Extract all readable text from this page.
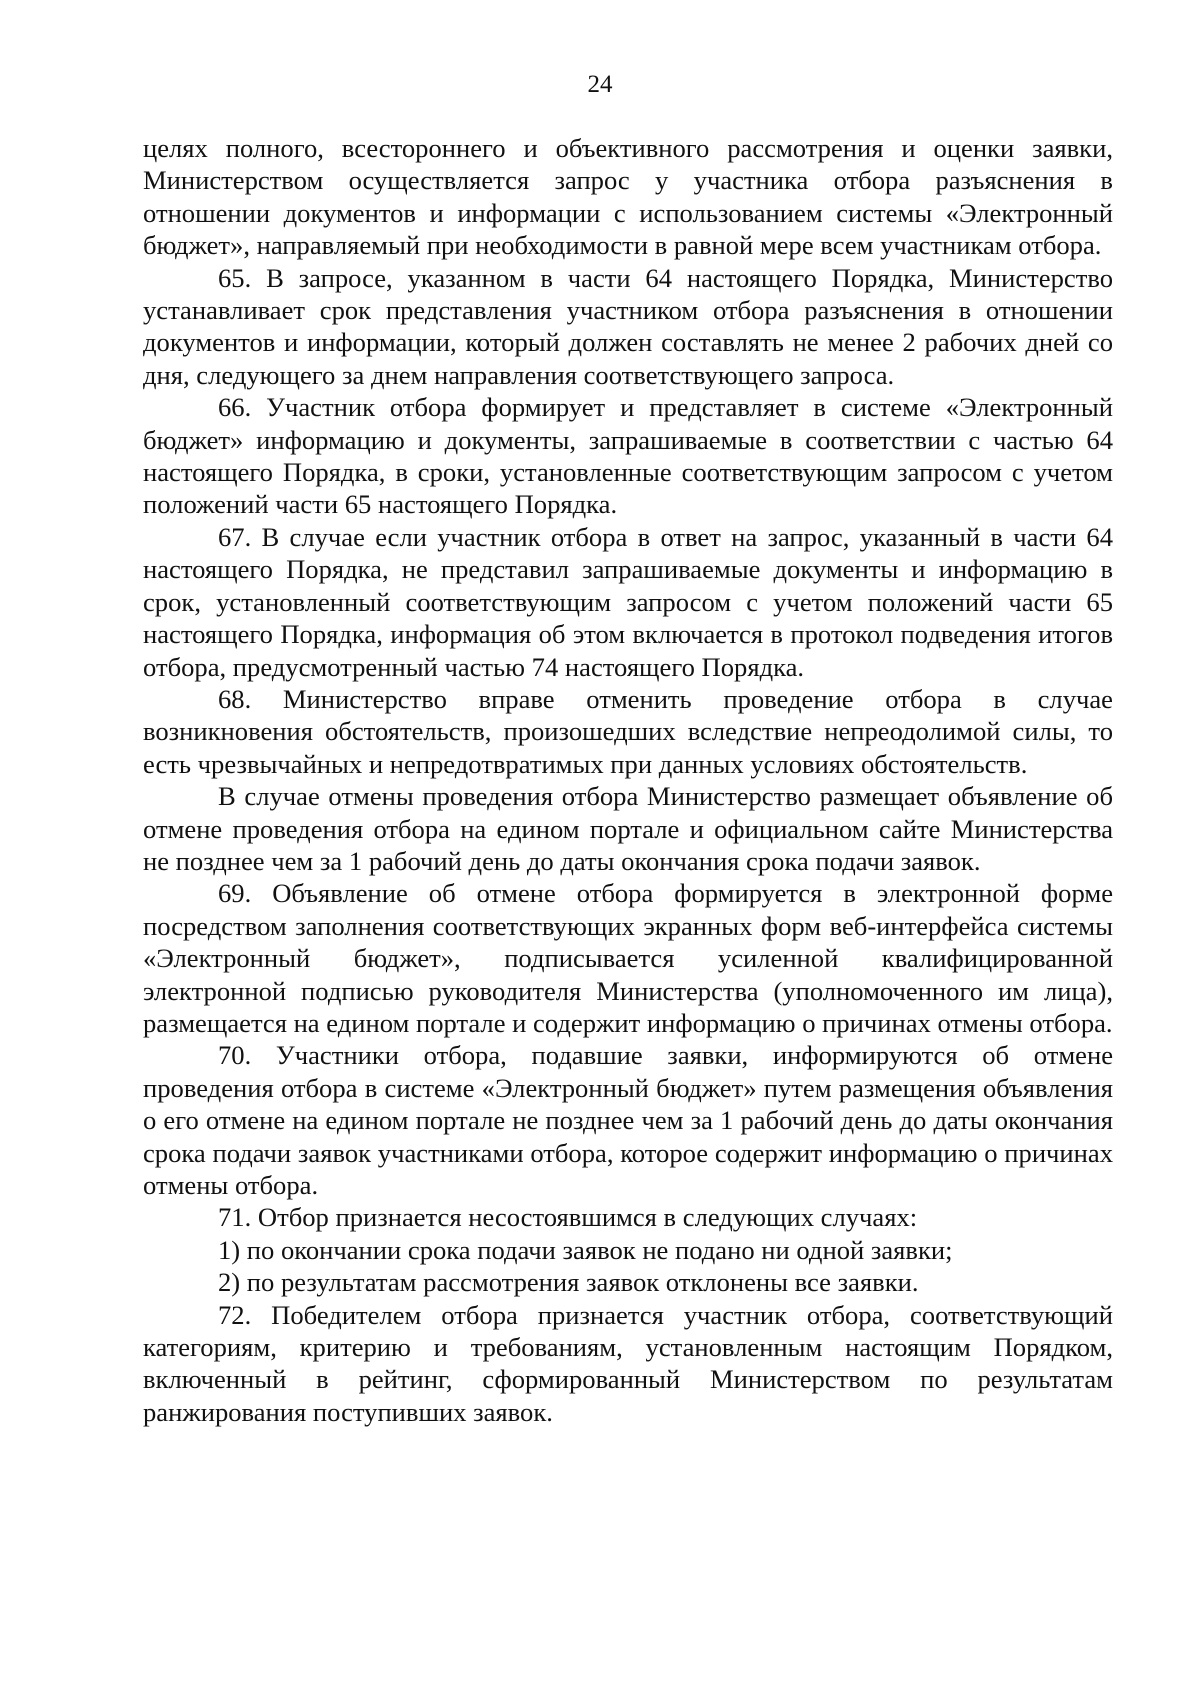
24

целях полного, всестороннего и объективного рассмотрения и оценки заявки, Министерством осуществляется запрос у участника отбора разъяснения в отношении документов и информации с использованием системы «Электронный бюджет», направляемый при необходимости в равной мере всем участникам отбора.

65. В запросе, указанном в части 64 настоящего Порядка, Министерство устанавливает срок представления участником отбора разъяснения в отношении документов и информации, который должен составлять не менее 2 рабочих дней со дня, следующего за днем направления соответствующего запроса.

66. Участник отбора формирует и представляет в системе «Электронный бюджет» информацию и документы, запрашиваемые в соответствии с частью 64 настоящего Порядка, в сроки, установленные соответствующим запросом с учетом положений части 65 настоящего Порядка.

67. В случае если участник отбора в ответ на запрос, указанный в части 64 настоящего Порядка, не представил запрашиваемые документы и информацию в срок, установленный соответствующим запросом с учетом положений части 65 настоящего Порядка, информация об этом включается в протокол подведения итогов отбора, предусмотренный частью 74 настоящего Порядка.

68. Министерство вправе отменить проведение отбора в случае возникновения обстоятельств, произошедших вследствие непреодолимой силы, то есть чрезвычайных и непредотвратимых при данных условиях обстоятельств.

В случае отмены проведения отбора Министерство размещает объявление об отмене проведения отбора на едином портале и официальном сайте Министерства не позднее чем за 1 рабочий день до даты окончания срока подачи заявок.

69. Объявление об отмене отбора формируется в электронной форме посредством заполнения соответствующих экранных форм веб-интерфейса системы «Электронный бюджет», подписывается усиленной квалифицированной электронной подписью руководителя Министерства (уполномоченного им лица), размещается на едином портале и содержит информацию о причинах отмены отбора.

70. Участники отбора, подавшие заявки, информируются об отмене проведения отбора в системе «Электронный бюджет» путем размещения объявления о его отмене на едином портале не позднее чем за 1 рабочий день до даты окончания срока подачи заявок участниками отбора, которое содержит информацию о причинах отмены отбора.

71. Отбор признается несостоявшимся в следующих случаях:

1) по окончании срока подачи заявок не подано ни одной заявки;

2) по результатам рассмотрения заявок отклонены все заявки.

72. Победителем отбора признается участник отбора, соответствующий категориям, критерию и требованиям, установленным настоящим Порядком, включенный в рейтинг, сформированный Министерством по результатам ранжирования поступивших заявок.
